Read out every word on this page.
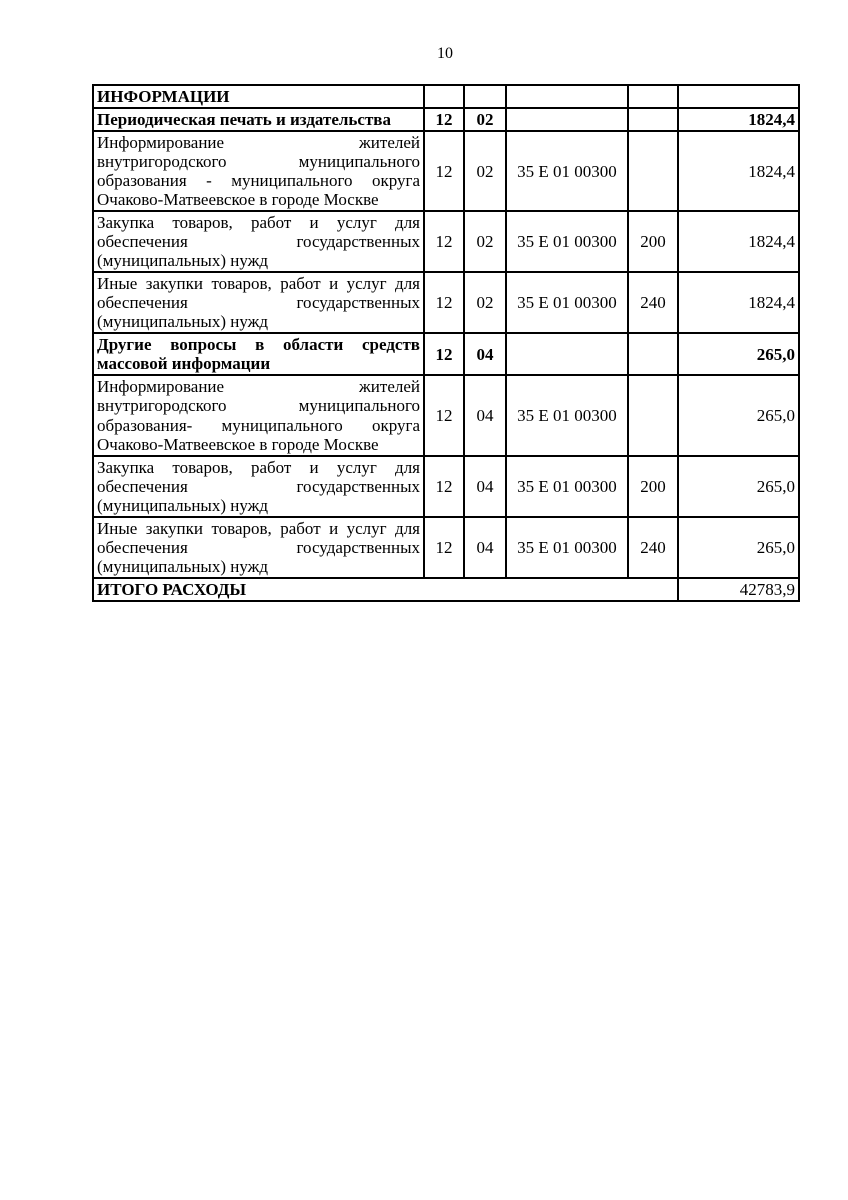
10
ИНФОРМАЦИИ					
Периодическая печать и издательства	12	02			1824,4
Информирование жителей внутригородского муниципального образования - муниципального округа Очаково-Матвеевское в городе Москве	12	02	35 Е 01 00300		1824,4
Закупка товаров, работ и услуг для обеспечения государственных (муниципальных) нужд	12	02	35 Е 01 00300	200	1824,4
Иные закупки товаров, работ и услуг для обеспечения государственных (муниципальных) нужд	12	02	35 Е 01 00300	240	1824,4
Другие вопросы в области средств массовой информации	12	04			265,0
Информирование жителей внутригородского муниципального образования- муниципального округа Очаково-Матвеевское в городе Москве	12	04	35 Е 01 00300		265,0
Закупка товаров, работ и услуг для обеспечения государственных (муниципальных) нужд	12	04	35 Е 01 00300	200	265,0
Иные закупки товаров, работ и услуг для обеспечения государственных (муниципальных) нужд	12	04	35 Е 01 00300	240	265,0
ИТОГО РАСХОДЫ					42783,9
